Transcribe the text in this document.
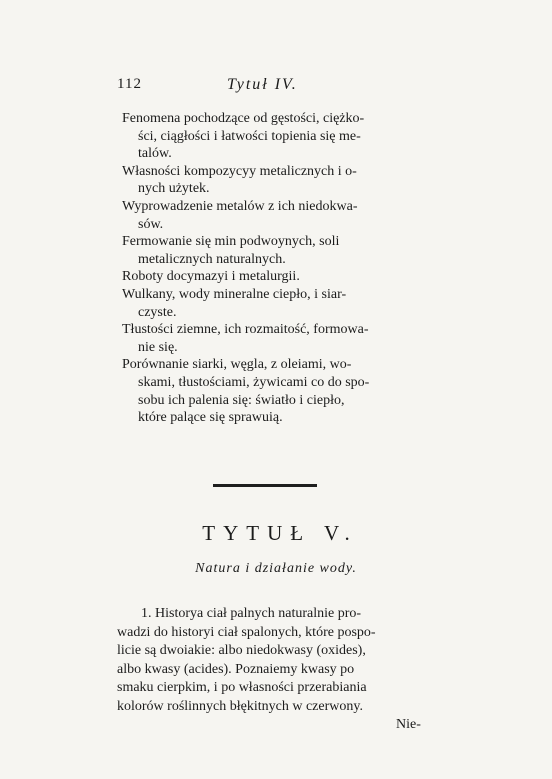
112	Tytuł IV.
Fenomena pochodzące od gęstości, ciężko-
ści, ciągłości i łatwości topienia się me-
talów.
Własności kompozycyy metalicznych i o-
nych użytek.
Wyprowadzenie metalów z ich niedokwa-
sów.
Fermowanie się min podwoynych, soli
metalicznych naturalnych.
Roboty docymazyi i metalurgii.
Wulkany, wody mineralne ciepło, i siar-
czyste.
Tłustości ziemne, ich rozmaitość, formowa-
nie się.
Porównanie siarki, węgla, z oleiami, wo-
skami, tłustościami, żywicami co do spo-
sobu ich palenia się: światło i ciepło,
które palące się sprawuią.
TYTUŁ V.
Natura i działanie wody.
1. Historya ciał palnych naturalnie pro-
wadzi do historyi ciał spalonych, które pospo-
licie są dwoiakie: albo niedokwasy (oxides),
albo kwasy (acides). Poznaiemy kwasy po
smaku cierpkim, i po własności przerabiania
kolorów roślinnych błękitnych w czerwony.
Nie-
